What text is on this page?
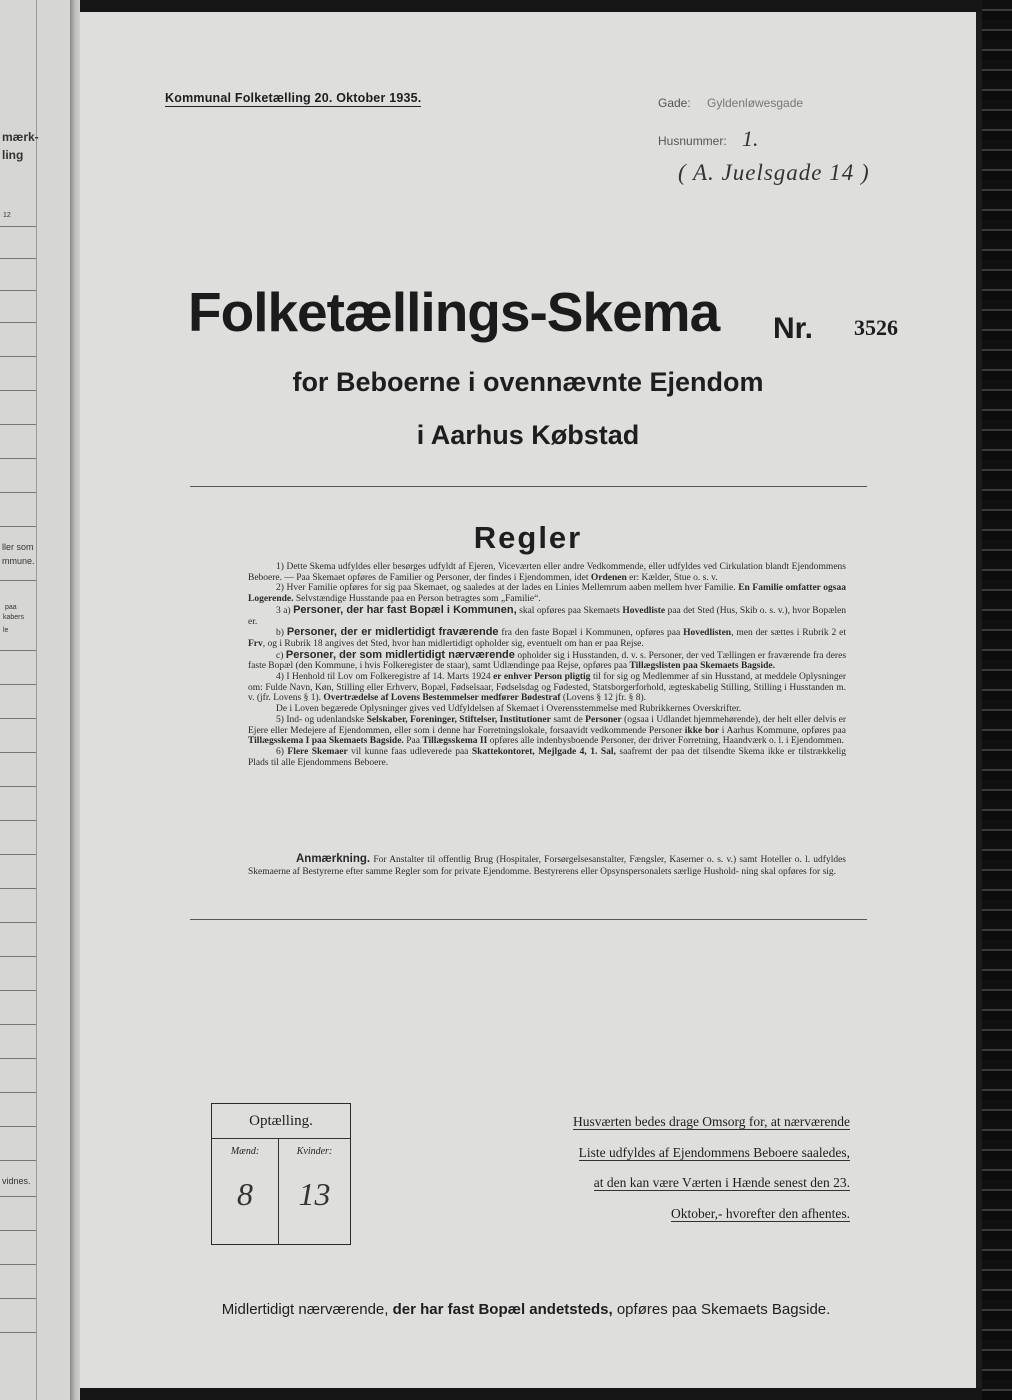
mærk-
ling
12
ller som
mmune.
paa
kabers
le
vidnes.
Kommunal Folketælling 20. Oktober 1935.	Gade: Gyldenløwesgade
Husnummer: 1.
( A. Juelsgade 14 )
Folketællings-Skema Nr. 3526
for Beboerne i ovennævnte Ejendom
i Aarhus Købstad
Regler

1) Dette Skema udfyldes eller besørges udfyldt af Ejeren, Viceværten eller andre Vedkommende, eller udfyldes ved Cirkulation blandt Ejendommens Beboere. — Paa Skemaet opføres de Familier og Personer, der findes i Ejendommen, idet Ordenen er: Kælder, Stue o. s. v.

2) Hver Familie opføres for sig paa Skemaet, og saaledes at der lades en Linies Mellemrum aaben mellem hver Familie. En Familie omfatter ogsaa Logerende. Selvstændige Husstande paa en Person betragtes som „Familie“.

3 a) Personer, der har fast Bopæl i Kommunen, skal opføres paa Skemaets Hovedliste paa det Sted (Hus, Skib o. s. v.), hvor Bopælen er.

b) Personer, der er midlertidigt fraværende fra den faste Bopæl i Kommunen, opføres paa Hovedlisten, men der sættes i Rubrik 2 et Frv, og i Rubrik 18 angives det Sted, hvor han midlertidigt opholder sig, eventuelt om han er paa Rejse.

c) Personer, der som midlertidigt nærværende opholder sig i Husstanden, d. v. s. Personer, der ved Tællingen er fraværende fra deres faste Bopæl (den Kommune, i hvis Folkeregister de staar), samt Udlændinge paa Rejse, opføres paa Tillægslisten paa Skemaets Bagside.

4) I Henhold til Lov om Folkeregistre af 14. Marts 1924 er enhver Person pligtig til for sig og Medlemmer af sin Husstand, at meddele Oplysninger om: Fulde Navn, Køn, Stilling eller Erhverv, Bopæl, Fødselsaar, Fødselsdag og Fødested, Statsborgerforhold, ægteskabelig Stilling, Stilling i Husstanden m. v. (jfr. Lovens § 1). Overtrædelse af Lovens Bestemmelser medfører Bødestraf (Lovens § 12 jfr. § 8).

De i Loven begærede Oplysninger gives ved Udfyldelsen af Skemaet i Overensstemmelse med Rubrikkernes Overskrifter.

5) Ind- og udenlandske Selskaber, Foreninger, Stiftelser, Institutioner samt de Personer (ogsaa i Udlandet hjemmehørende), der helt eller delvis er Ejere eller Medejere af Ejendommen, eller som i denne har Forretningslokale, forsaavidt vedkommende Personer ikke bor i Aarhus Kommune, opføres paa Tillægsskema I paa Skemaets Bagside. Paa Tillægsskema II opføres alle indenbysboende Personer, der driver Forretning, Haandværk o. l. i Ejendommen.

6) Flere Skemaer vil kunne faas udleverede paa Skattekontoret, Mejlgade 4, 1. Sal, saafremt der paa det tilsendte Skema ikke er tilstrækkelig Plads til alle Ejendommens Beboere.

Anmærkning. For Anstalter til offentlig Brug (Hospitaler, Forsørgelsesanstalter, Fængsler, Kaserner o. s. v.) samt Hoteller o. l. udfyldes Skemaerne af Bestyrerne efter samme Regler som for private Ejendomme. Bestyrerens eller Opsynspersonalets særlige Hushold- ning skal opføres for sig.

Optælling.
Mænd:	Kvinder:
8	13
Husværten bedes drage Omsorg for, at nærværende
Liste udfyldes af Ejendommens Beboere saaledes,
at den kan være Værten i Hænde senest den 23.
Oktober,- hvorefter den afhentes.
Midlertidigt nærværende, der har fast Bopæl andetsteds, opføres paa Skemaets Bagside.
